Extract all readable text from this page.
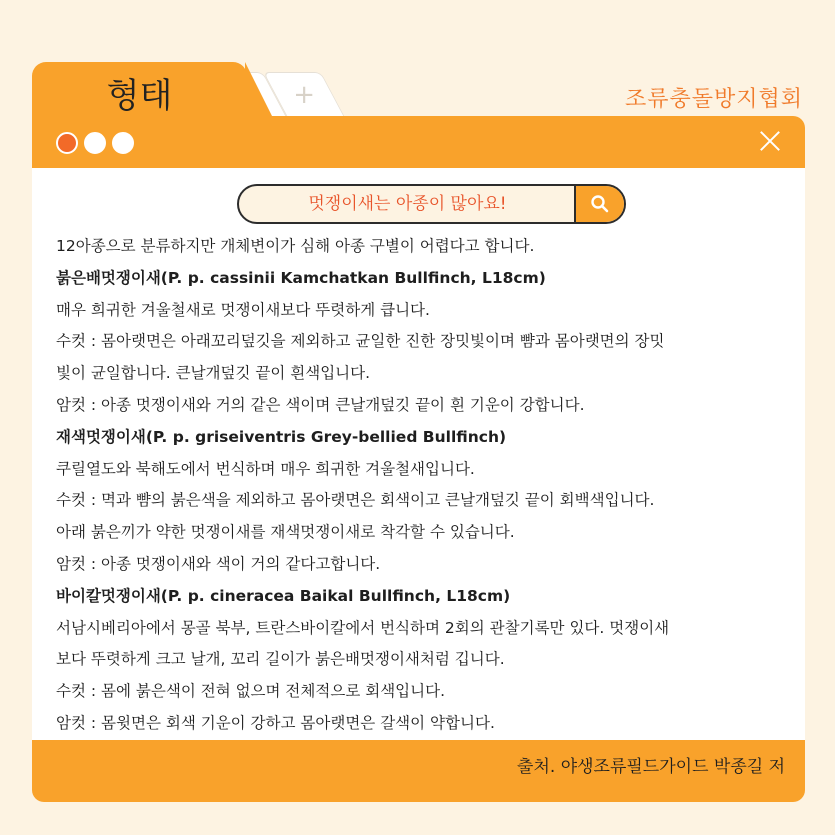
조류충돌방지협회
+
형태

멋쟁이새는 아종이 많아요!
12아종으로 분류하지만 개체변이가 심해 아종 구별이 어렵다고 합니다.
붉은배멋쟁이새(P. p. cassinii Kamchatkan Bullfinch, L18cm)
매우 희귀한 겨울철새로 멋쟁이새보다 뚜렷하게 큽니다.
수컷 : 몸아랫면은 아래꼬리덮깃을 제외하고 균일한 진한 장밋빛이며 뺨과 몸아랫면의 장밋
빛이 균일합니다. 큰날개덮깃 끝이 흰색입니다.
암컷 : 아종 멋쟁이새와 거의 같은 색이며 큰날개덮깃 끝이 흰 기운이 강합니다.
재색멋쟁이새(P. p. griseiventris Grey-bellied Bullfinch)
쿠릴열도와 북해도에서 번식하며 매우 희귀한 겨울철새입니다.
수컷 : 멱과 뺨의 붉은색을 제외하고 몸아랫면은 회색이고 큰날개덮깃 끝이 회백색입니다.
아래 붉은끼가 약한 멋쟁이새를 재색멋쟁이새로 착각할 수 있습니다.
암컷 : 아종 멋쟁이새와 색이 거의 같다고합니다.
바이칼멋쟁이새(P. p. cineracea Baikal Bullfinch, L18cm)
서남시베리아에서 몽골 북부, 트란스바이칼에서 번식하며 2회의 관찰기록만 있다. 멋쟁이새
보다 뚜렷하게 크고 날개, 꼬리 길이가 붉은배멋쟁이새처럼 깁니다.
수컷 : 몸에 붉은색이 전혀 없으며 전체적으로 회색입니다.
암컷 : 몸윗면은 회색 기운이 강하고 몸아랫면은 갈색이 약합니다.
출처. 야생조류필드가이드 박종길 저
